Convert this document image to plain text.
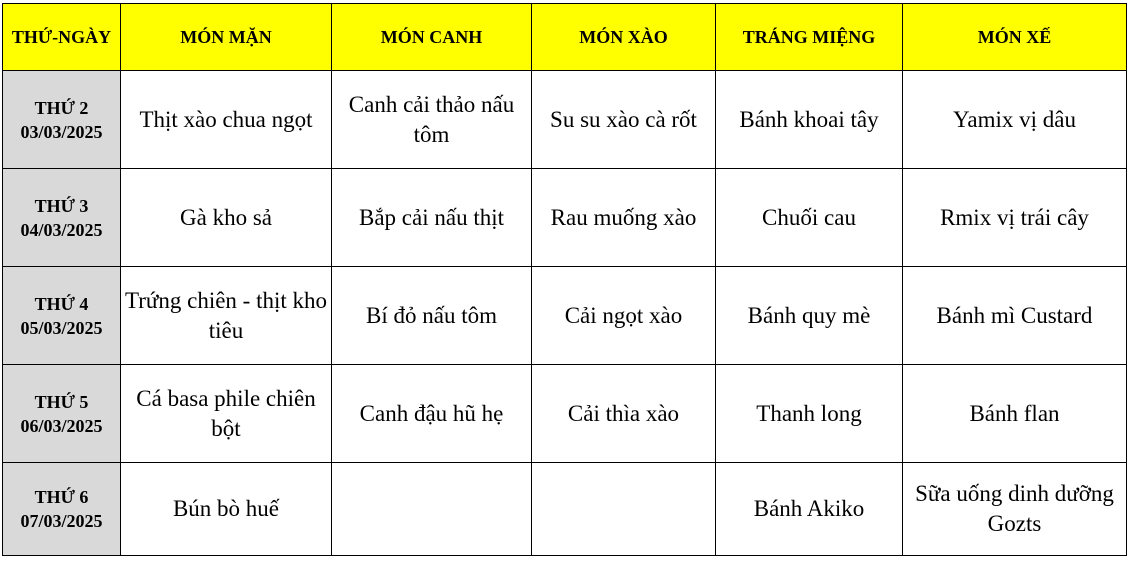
THỨ-NGÀY	MÓN MẶN	MÓN CANH	MÓN XÀO	TRÁNG MIỆNG	MÓN XẾ

THỨ 2
03/03/2025	Thịt xào chua ngọt	Canh cải thảo nấu tôm	Su su xào cà rốt	Bánh khoai tây	Yamix vị dâu

THỨ 3
04/03/2025	Gà kho sả	Bắp cải nấu thịt	Rau muống xào	Chuối cau	Rmix vị trái cây

THỨ 4
05/03/2025	Trứng chiên - thịt kho tiêu	Bí đỏ nấu tôm	Cải ngọt xào	Bánh quy mè	Bánh mì Custard

THỨ 5
06/03/2025	Cá basa phile chiên bột	Canh đậu hũ hẹ	Cải thìa xào	Thanh long	Bánh flan

THỨ 6
07/03/2025	Bún bò huế			Bánh Akiko	Sữa uống dinh dưỡng Gozts
